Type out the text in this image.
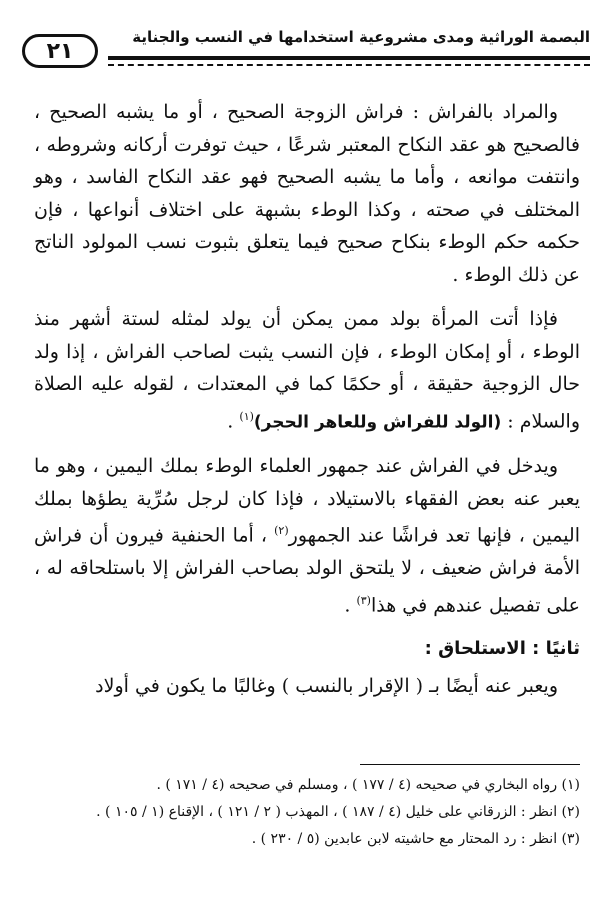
٢١
البصمة الوراثية ومدى مشروعية استخدامها في النسب والجناية

والمراد بالفراش : فراش الزوجة الصحيح ، أو ما يشبه الصحيح ، فالصحيح هو عقد النكاح المعتبر شرعًا ، حيث توفرت أركانه وشروطه ، وانتفت موانعه ، وأما ما يشبه الصحيح فهو عقد النكاح الفاسد ، وهو المختلف في صحته ، وكذا الوطء بشبهة على اختلاف أنواعها ، فإن حكمه حكم الوطء بنكاح صحيح فيما يتعلق بثبوت نسب المولود الناتج عن ذلك الوطء .

فإذا أتت المرأة بولد ممن يمكن أن يولد لمثله لستة أشهر منذ الوطء ، أو إمكان الوطء ، فإن النسب يثبت لصاحب الفراش ، إذا ولد حال الزوجية حقيقة ، أو حكمًا كما في المعتدات ، لقوله عليه الصلاة والسلام : (الولد للفراش وللعاهر الحجر)$^{(١)}$ .

ويدخل في الفراش عند جمهور العلماء الوطء بملك اليمين ، وهو ما يعبر عنه بعض الفقهاء بالاستيلاد ، فإذا كان لرجل سُرِّية يطؤها بملك اليمين ، فإنها تعد فراشًا عند الجمهور$^{(٢)}$ ، أما الحنفية فيرون أن فراش الأمة فراش ضعيف ، لا يلتحق الولد بصاحب الفراش إلا باستلحاقه له ، على تفصيل عندهم في هذا$^{(٣)}$ .

ثانيًا : الاستلحاق :

ويعبر عنه أيضًا بـ ( الإقرار بالنسب ) وغالبًا ما يكون في أولاد

(١) رواه البخاري في صحيحه (٤ / ١٧٧ ) ، ومسلم في صحيحه (٤ / ١٧١ ) .
(٢) انظر : الزرقاني على خليل (٤ / ١٨٧ ) ، المهذب ( ٢ / ١٢١ ) ، الإقناع (١ / ١٠٥ ) .
(٣) انظر : رد المحتار مع حاشيته لابن عابدين (٥ / ٢٣٠ ) .
